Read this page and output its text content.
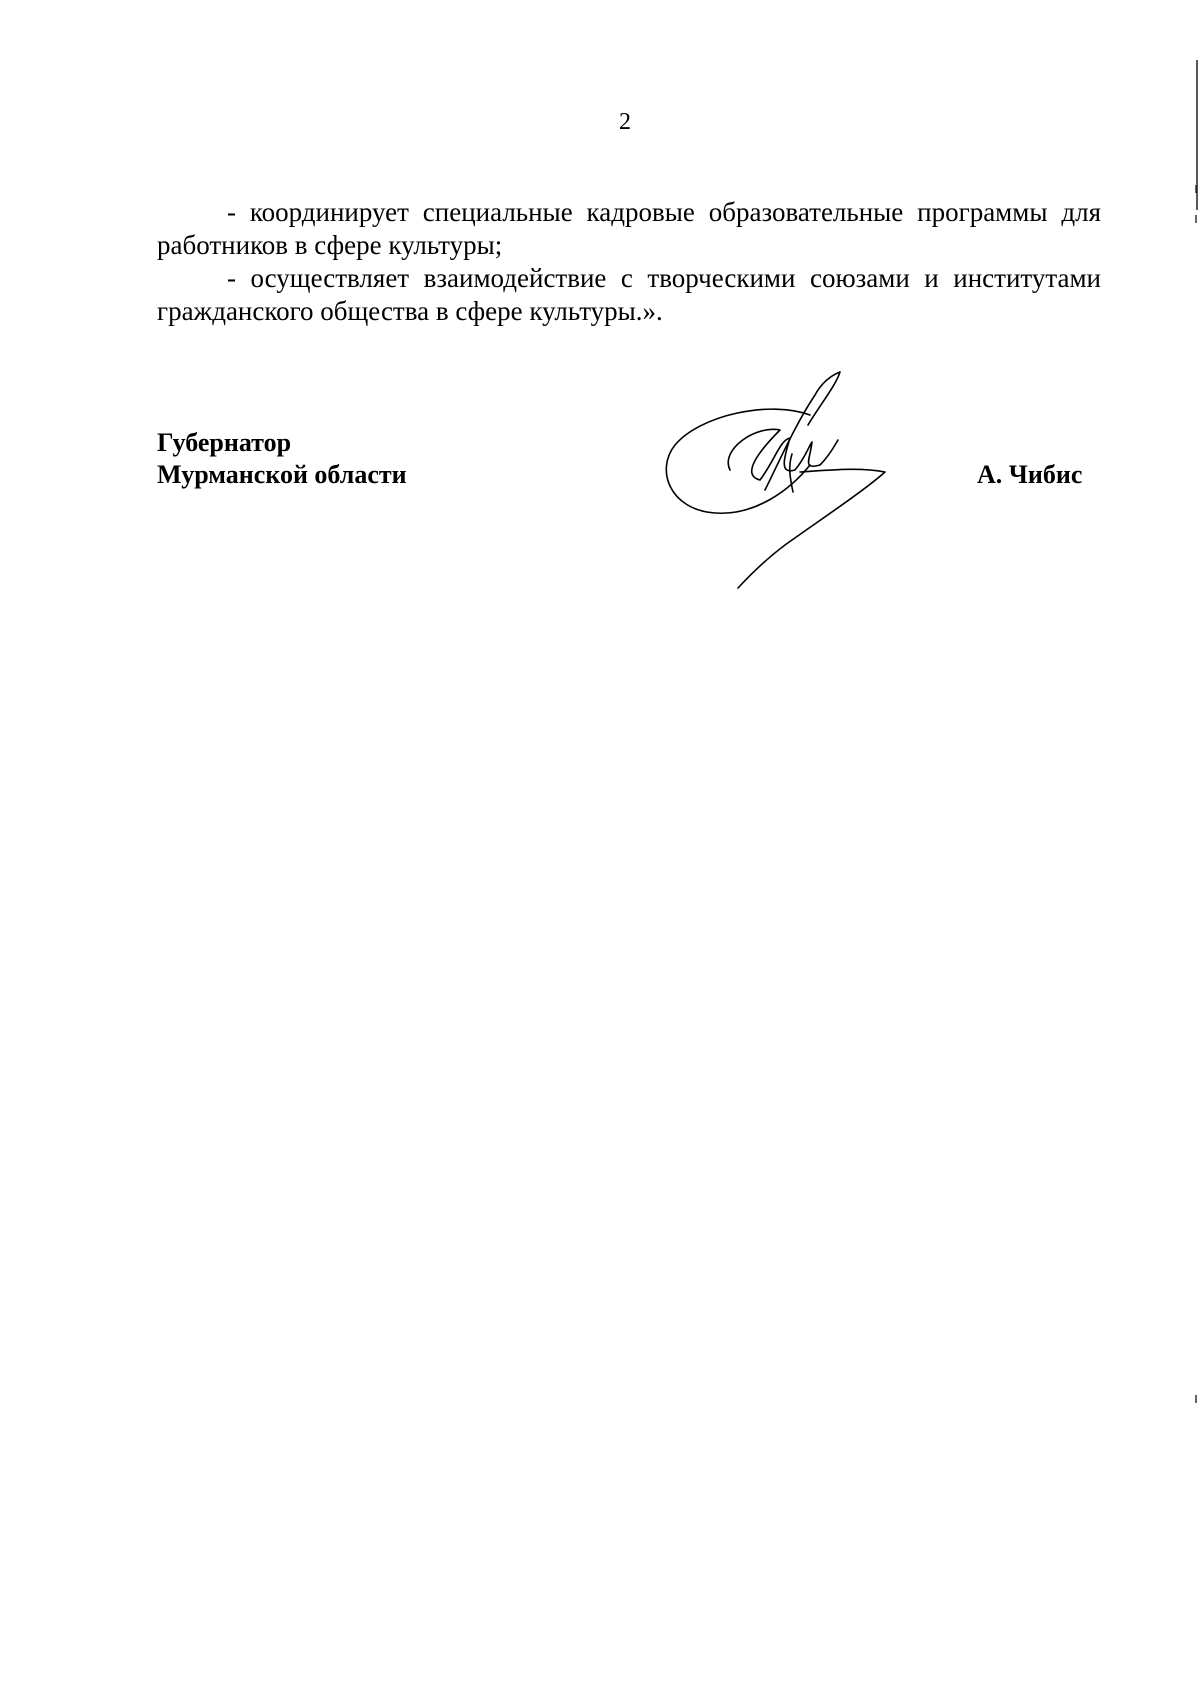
2

- координирует специальные кадровые образовательные программы для работников в сфере культуры;

- осуществляет взаимодействие с творческими союзами и институтами гражданского общества в сфере культуры.».

Губернатор
Мурманской области	А. Чибис
